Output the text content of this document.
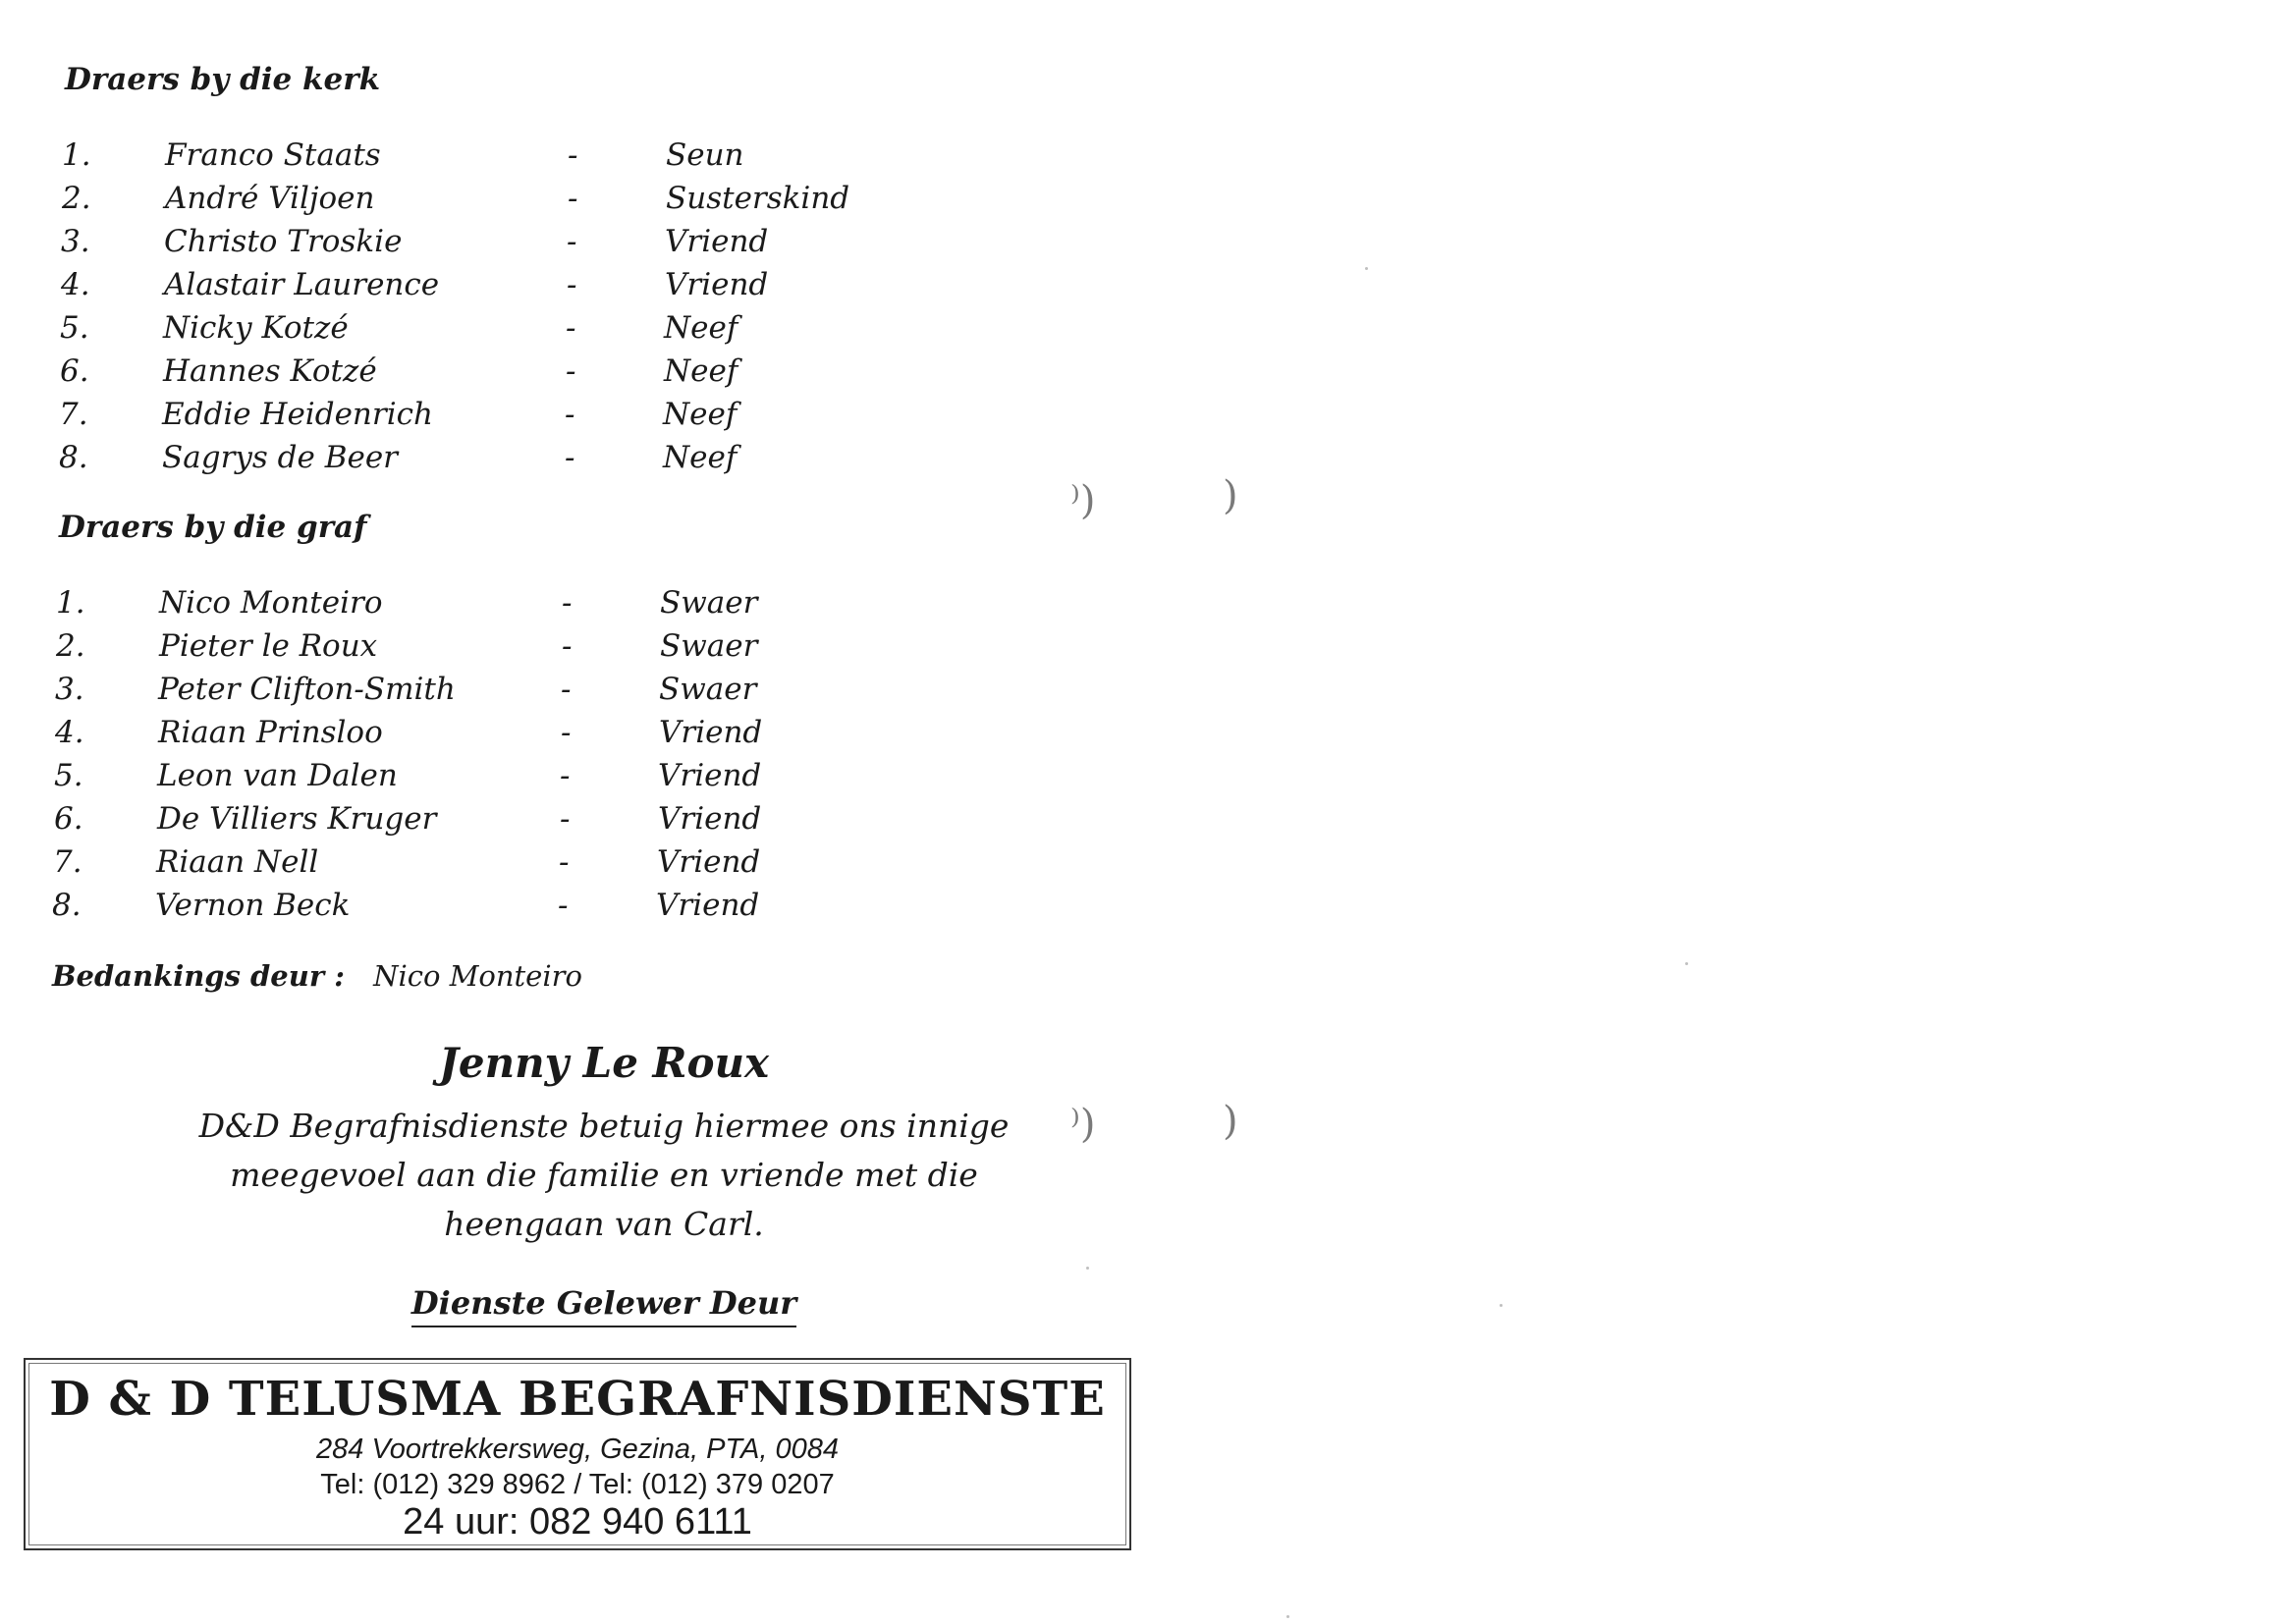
⁾)	)
⁾)	)
Draers by die kerk
1. Franco Staats	-	Seun
2. André Viljoen	-	Susterskind
3. Christo Troskie	-	Vriend
4. Alastair Laurence	-	Vriend
5. Nicky Kotzé	-	Neef
6. Hannes Kotzé	-	Neef
7. Eddie Heidenrich	-	Neef
8. Sagrys de Beer	-	Neef
Draers by die graf
1. Nico Monteiro	-	Swaer
2. Pieter le Roux	-	Swaer
3. Peter Clifton-Smith	-	Swaer
4. Riaan Prinsloo	-	Vriend
5. Leon van Dalen	-	Vriend
6. De Villiers Kruger	-	Vriend
7. Riaan Nell	-	Vriend
8. Vernon Beck	-	Vriend
Bedankings deur : Nico Monteiro
Jenny Le Roux
D&D Begrafnisdienste betuig hiermee ons innige
meegevoel aan die familie en vriende met die
heengaan van Carl.
Dienste Gelewer Deur
D & D TELUSMA BEGRAFNISDIENSTE
284 Voortrekkersweg, Gezina, PTA, 0084
Tel: (012) 329 8962 / Tel: (012) 379 0207
24 uur: 082 940 6111
